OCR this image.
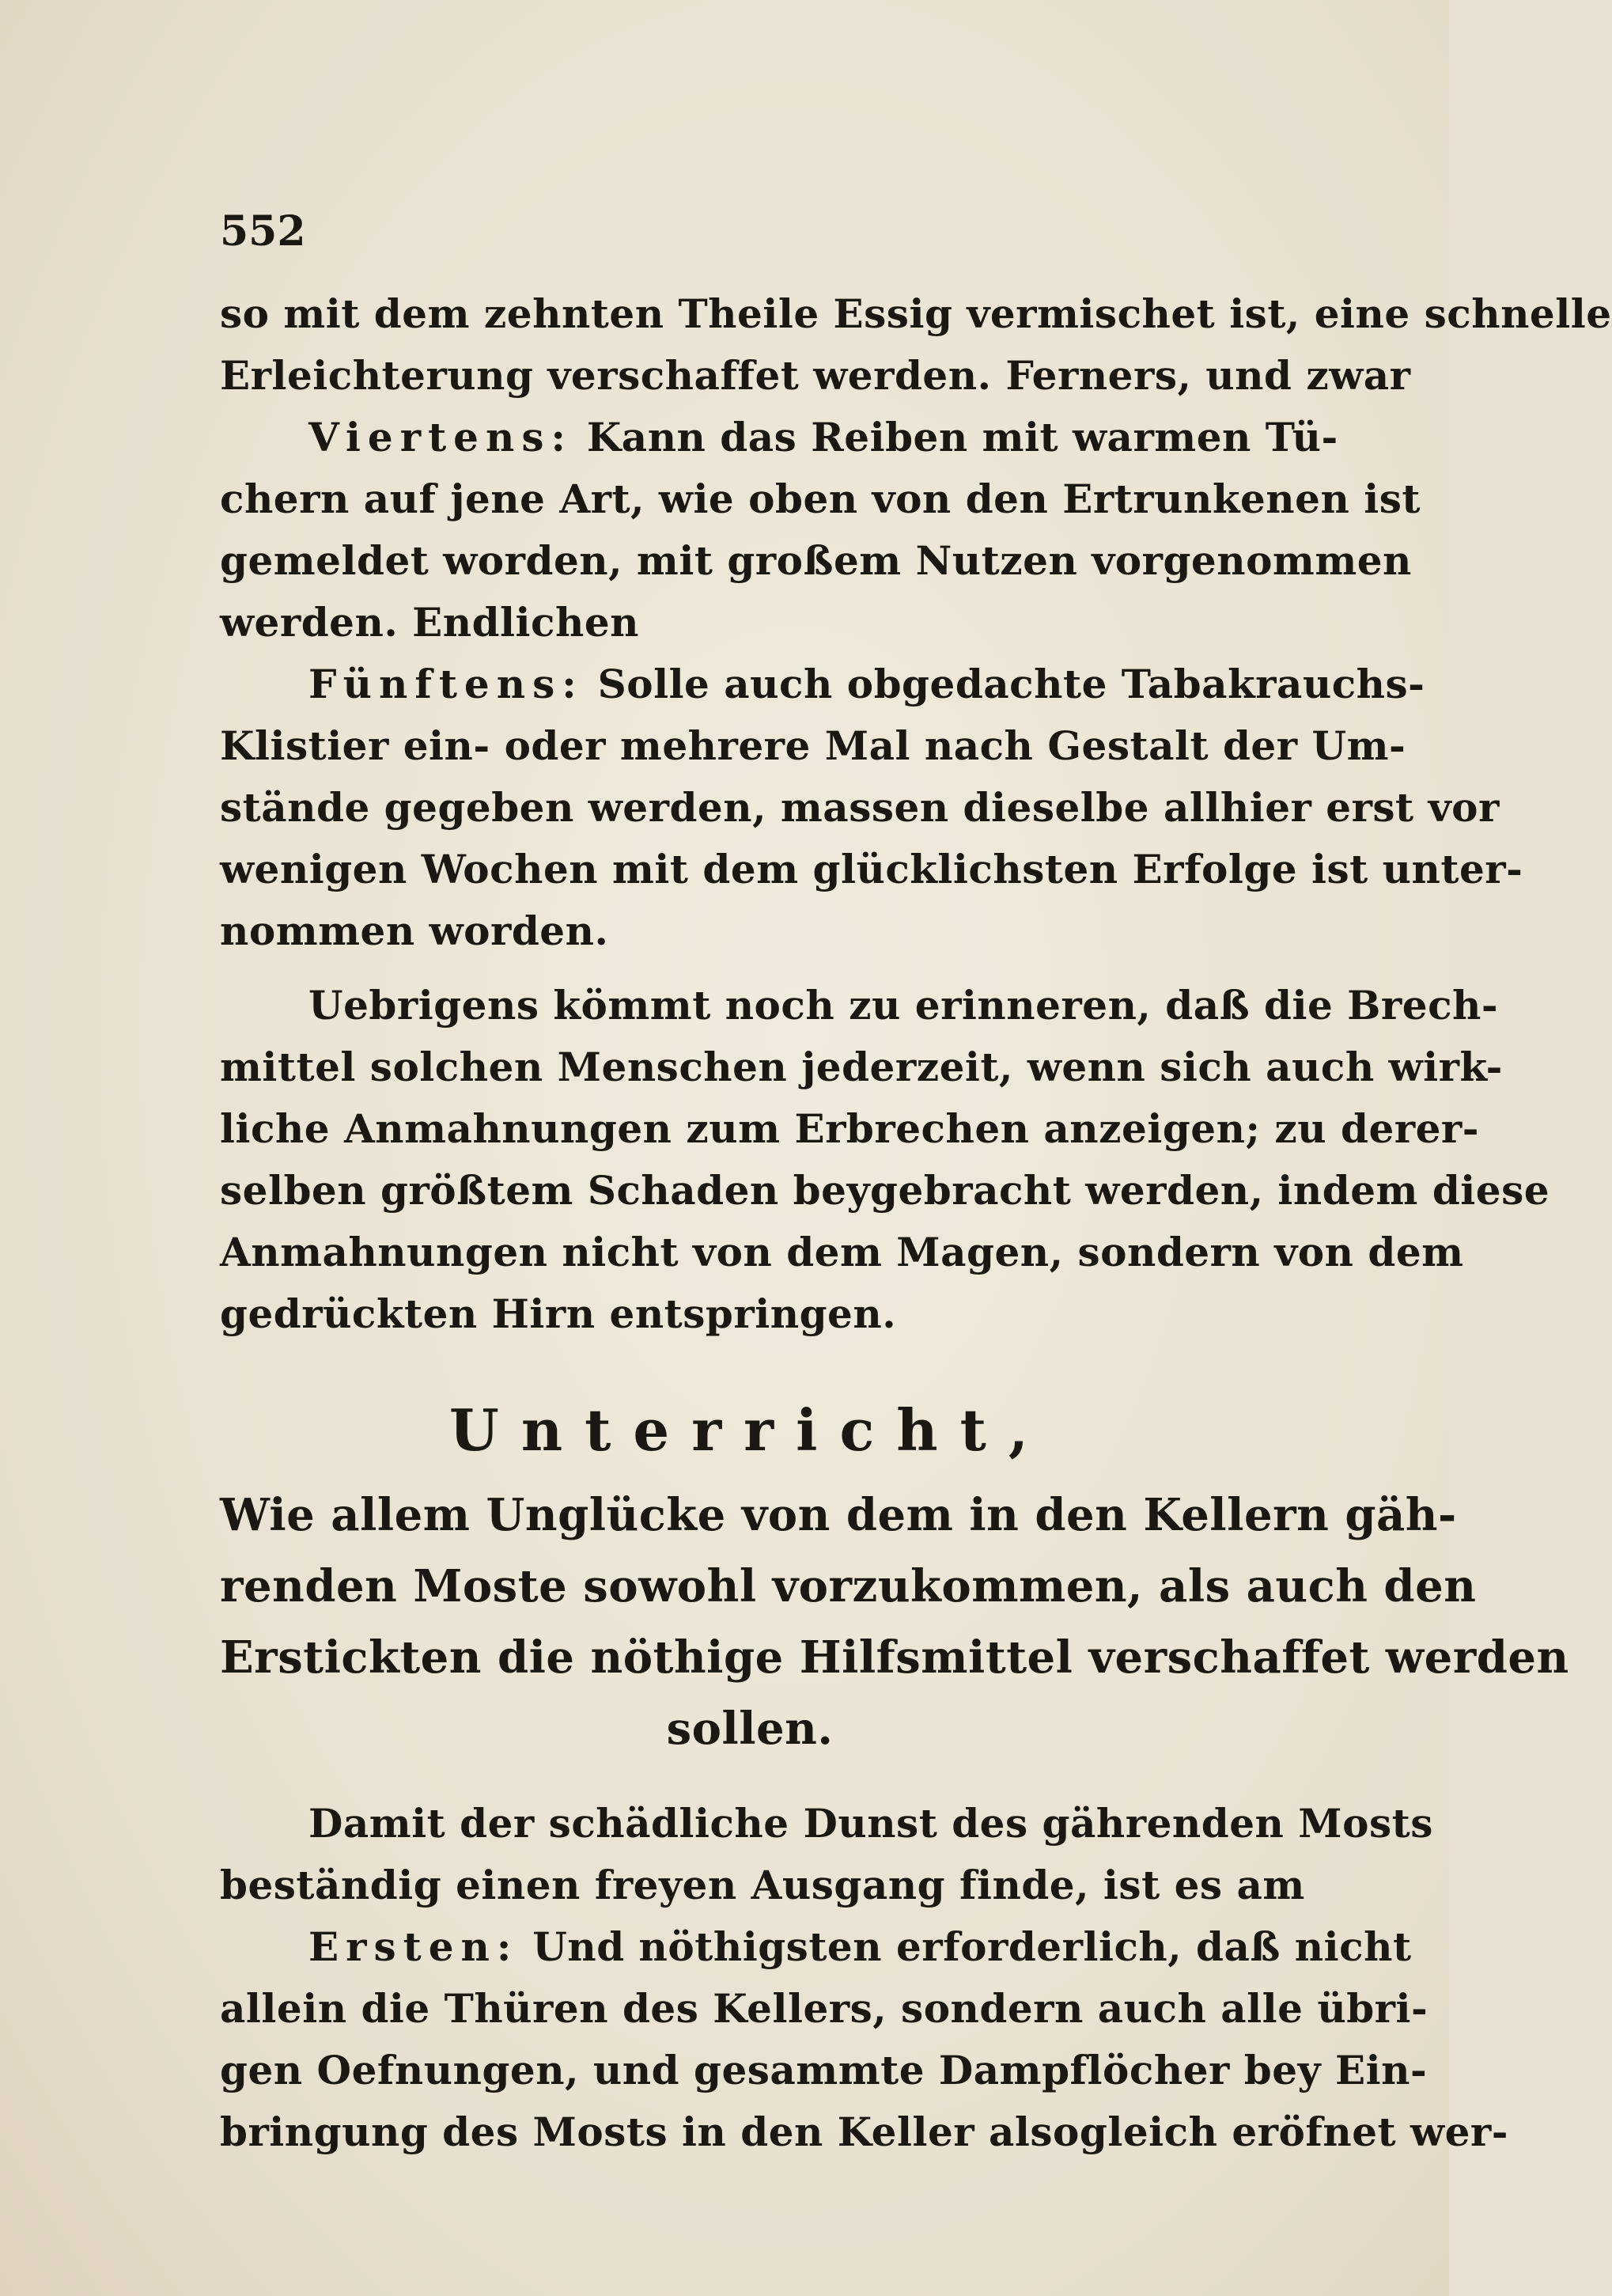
552
so mit dem zehnten Theile Essig vermischet ist, eine schnelle
Erleichterung verschaffet werden. Ferners, und zwar
Viertens: Kann das Reiben mit warmen Tü-
chern auf jene Art, wie oben von den Ertrunkenen ist
gemeldet worden, mit großem Nutzen vorgenommen
werden. Endlichen
Fünftens: Solle auch obgedachte Tabakrauchs-
Klistier ein- oder mehrere Mal nach Gestalt der Um-
stände gegeben werden, massen dieselbe allhier erst vor
wenigen Wochen mit dem glücklichsten Erfolge ist unter-
nommen worden.
Uebrigens kömmt noch zu erinneren, daß die Brech-
mittel solchen Menschen jederzeit, wenn sich auch wirk-
liche Anmahnungen zum Erbrechen anzeigen; zu derer-
selben größtem Schaden beygebracht werden, indem diese
Anmahnungen nicht von dem Magen, sondern von dem
gedrückten Hirn entspringen.
Unterricht,
Wie allem Unglücke von dem in den Kellern gäh-
renden Moste sowohl vorzukommen, als auch den
Erstickten die nöthige Hilfsmittel verschaffet werden
sollen.
Damit der schädliche Dunst des gährenden Mosts
beständig einen freyen Ausgang finde, ist es am
Ersten: Und nöthigsten erforderlich, daß nicht
allein die Thüren des Kellers, sondern auch alle übri-
gen Oefnungen, und gesammte Dampflöcher bey Ein-
bringung des Mosts in den Keller alsogleich eröfnet wer-
